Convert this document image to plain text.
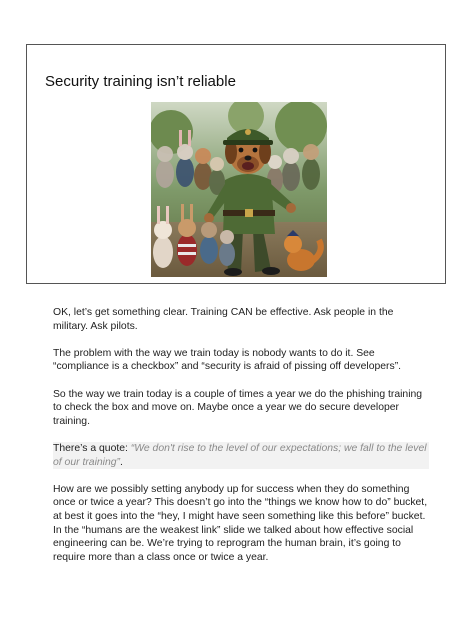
Security training isn’t reliable

OK, let’s get something clear. Training CAN be effective. Ask people in the military. Ask pilots.

The problem with the way we train today is nobody wants to do it. See “compliance is a checkbox” and “security is afraid of pissing off developers”.

So the way we train today is a couple of times a year we do the phishing training to check the box and move on. Maybe once a year we do secure developer training.

There’s a quote: “We don't rise to the level of our expectations; we fall to the level of our training”.

How are we possibly setting anybody up for success when they do something once or twice a year? This doesn’t go into the “things we know how to do” bucket, at best it goes into the “hey, I might have seen something like this before” bucket. In the “humans are the weakest link” slide we talked about how effective social engineering can be. We’re trying to reprogram the human brain, it’s going to require more than a class once or twice a year.
